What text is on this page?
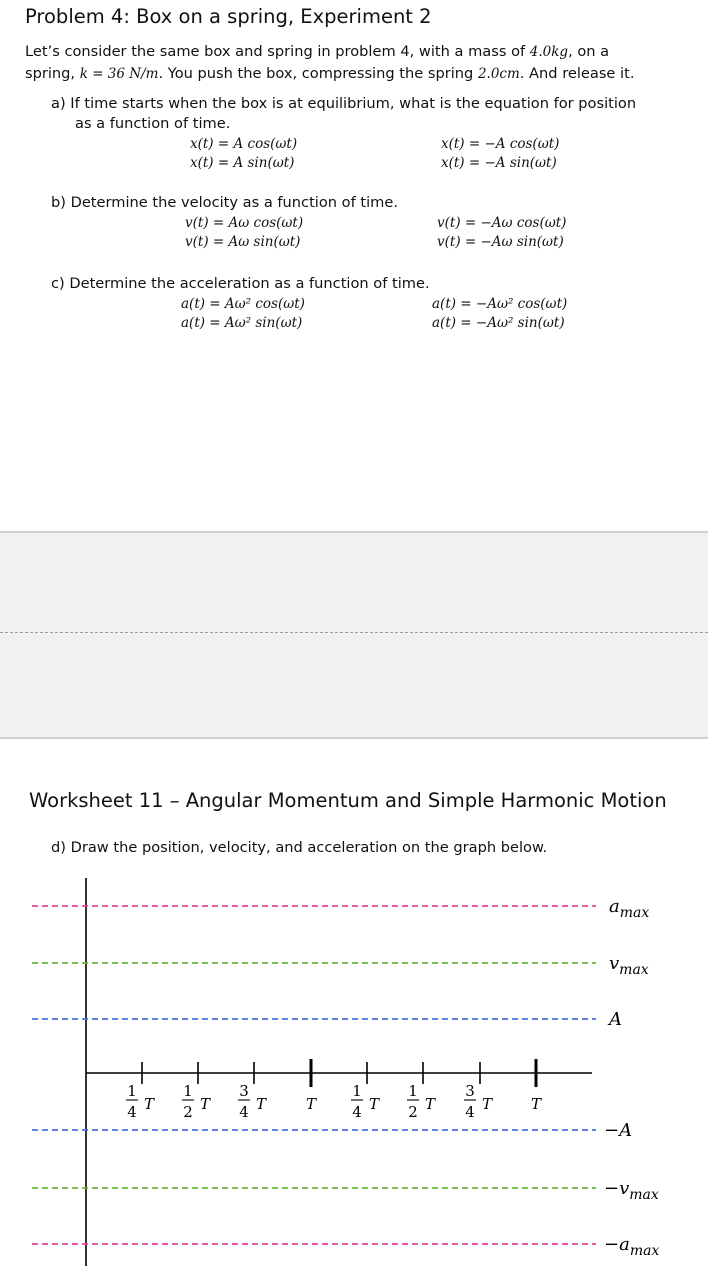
Problem 4: Box on a spring, Experiment 2
Let’s consider the same box and spring in problem 4, with a mass of 4.0kg, on a
spring, k = 36 N/m. You push the box, compressing the spring 2.0cm. And release it.
a) If time starts when the box is at equilibrium, what is the equation for position
as a function of time.
x(t) = A cos(ωt)
x(t) = A sin(ωt)
x(t) = −A cos(ωt)
x(t) = −A sin(ωt)
b) Determine the velocity as a function of time.
v(t) = Aω cos(ωt)
v(t) = Aω sin(ωt)
v(t) = −Aω cos(ωt)
v(t) = −Aω sin(ωt)
c) Determine the acceleration as a function of time.
a(t) = Aω² cos(ωt)
a(t) = Aω² sin(ωt)
a(t) = −Aω² cos(ωt)
a(t) = −Aω² sin(ωt)
Worksheet 11 – Angular Momentum and Simple Harmonic Motion
d) Draw the position, velocity, and acceleration on the graph below.
$a_{max}$
$v_{max}$
A
−A
$-v_{max}$
$-a_{max}$
1
4 T
1
2 T
3
4 T	T
1
4 T
1
2 T
3
4 T	T
